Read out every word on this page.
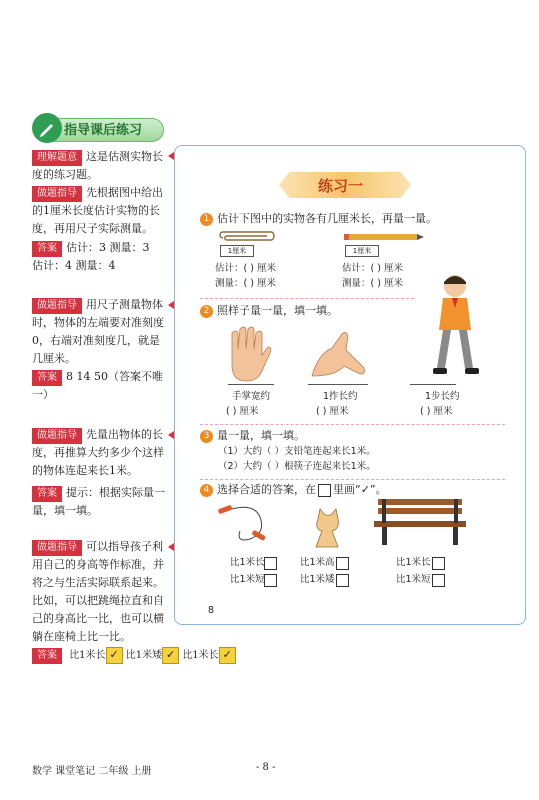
指导课后练习
理解题意 这是估测实物长度的练习题。
做题指导 先根据图中给出的1厘米长度估计实物的长度，再用尺子实际测量。
答案 估计：3 测量：3
估计：4 测量：4
做题指导 用尺子测量物体时，物体的左端要对准刻度0，右端对准刻度几，就是几厘米。
答案 8 14 50（答案不唯一）
做题指导 先量出物体的长度，再推算大约多少个这样的物体连起来长1米。
答案 提示：根据实际量一量，填一填。
做题指导 可以指导孩子利用自己的身高等作标准，并将之与生活实际联系起来。比如，可以把跳绳拉直和自己的身高比一比，也可以横躺在座椅上比一比。
答案 比1米长 ✓ 比1米矮 ✓ 比1米长 ✓
练习一
1 估计下图中的实物各有几厘米长，再量一量。
1厘米
估计：( ) 厘米
测量：( ) 厘米
1厘米
估计：( ) 厘米
测量：( ) 厘米
2 照样子量一量，填一填。
手掌宽约
( ) 厘米
1拃长约
( ) 厘米
1步长约
( ) 厘米
3 量一量，填一填。
（1）大约（ ）支铅笔连起来长1米。
（2）大约（ ）根筷子连起来长1米。
4 选择合适的答案，在 里画“✓”。
比1米长
比1米短
比1米高
比1米矮
比1米长
比1米短
8
数学 课堂笔记 二年级 上册	- 8 -
